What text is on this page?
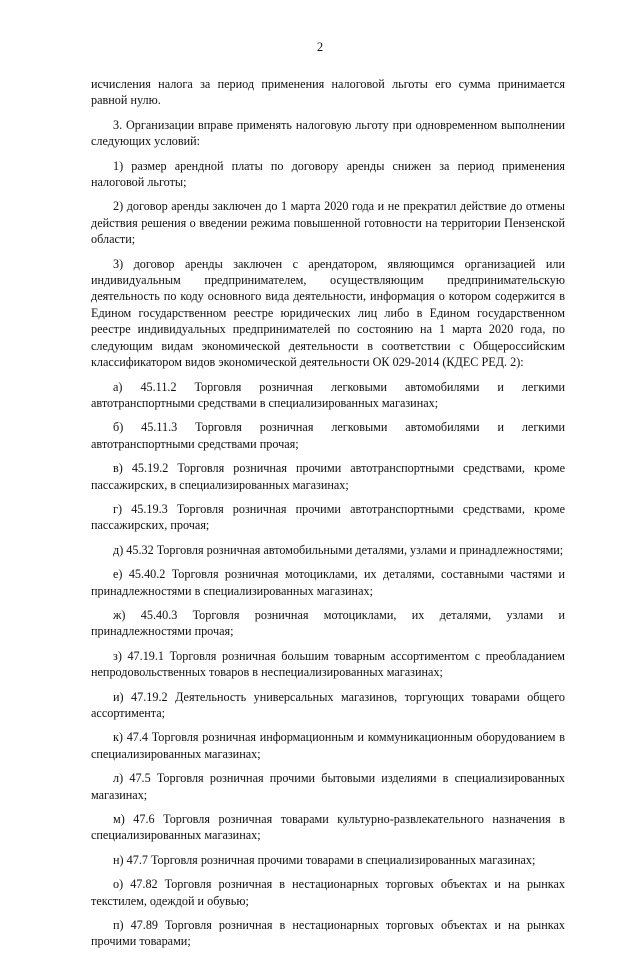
2

исчисления налога за период применения налоговой льготы его сумма принимается равной нулю.

3. Организации вправе применять налоговую льготу при одновременном выполнении следующих условий:

1) размер арендной платы по договору аренды снижен за период применения налоговой льготы;

2) договор аренды заключен до 1 марта 2020 года и не прекратил действие до отмены действия решения о введении режима повышенной готовности на территории Пензенской области;

3) договор аренды заключен с арендатором, являющимся организацией или индивидуальным предпринимателем, осуществляющим предпринимательскую деятельность по коду основного вида деятельности, информация о котором содержится в Едином государственном реестре юридических лиц либо в Едином государственном реестре индивидуальных предпринимателей по состоянию на 1 марта 2020 года, по следующим видам экономической деятельности в соответствии с Общероссийским классификатором видов экономической деятельности ОК 029-2014 (КДЕС РЕД. 2):

а) 45.11.2 Торговля розничная легковыми автомобилями и легкими автотранспортными средствами в специализированных магазинах;

б) 45.11.3 Торговля розничная легковыми автомобилями и легкими автотранспортными средствами прочая;

в) 45.19.2 Торговля розничная прочими автотранспортными средствами, кроме пассажирских, в специализированных магазинах;

г) 45.19.3 Торговля розничная прочими автотранспортными средствами, кроме пассажирских, прочая;

д) 45.32 Торговля розничная автомобильными деталями, узлами и принадлежностями;

е) 45.40.2 Торговля розничная мотоциклами, их деталями, составными частями и принадлежностями в специализированных магазинах;

ж) 45.40.3 Торговля розничная мотоциклами, их деталями, узлами и принадлежностями прочая;

з) 47.19.1 Торговля розничная большим товарным ассортиментом с преобладанием непродовольственных товаров в неспециализированных магазинах;

и) 47.19.2 Деятельность универсальных магазинов, торгующих товарами общего ассортимента;

к) 47.4 Торговля розничная информационным и коммуникационным оборудованием в специализированных магазинах;

л) 47.5 Торговля розничная прочими бытовыми изделиями в специализированных магазинах;

м) 47.6 Торговля розничная товарами культурно-развлекательного назначения в специализированных магазинах;

н) 47.7 Торговля розничная прочими товарами в специализированных магазинах;

о) 47.82 Торговля розничная в нестационарных торговых объектах и на рынках текстилем, одеждой и обувью;

п) 47.89 Торговля розничная в нестационарных торговых объектах и на рынках прочими товарами;
